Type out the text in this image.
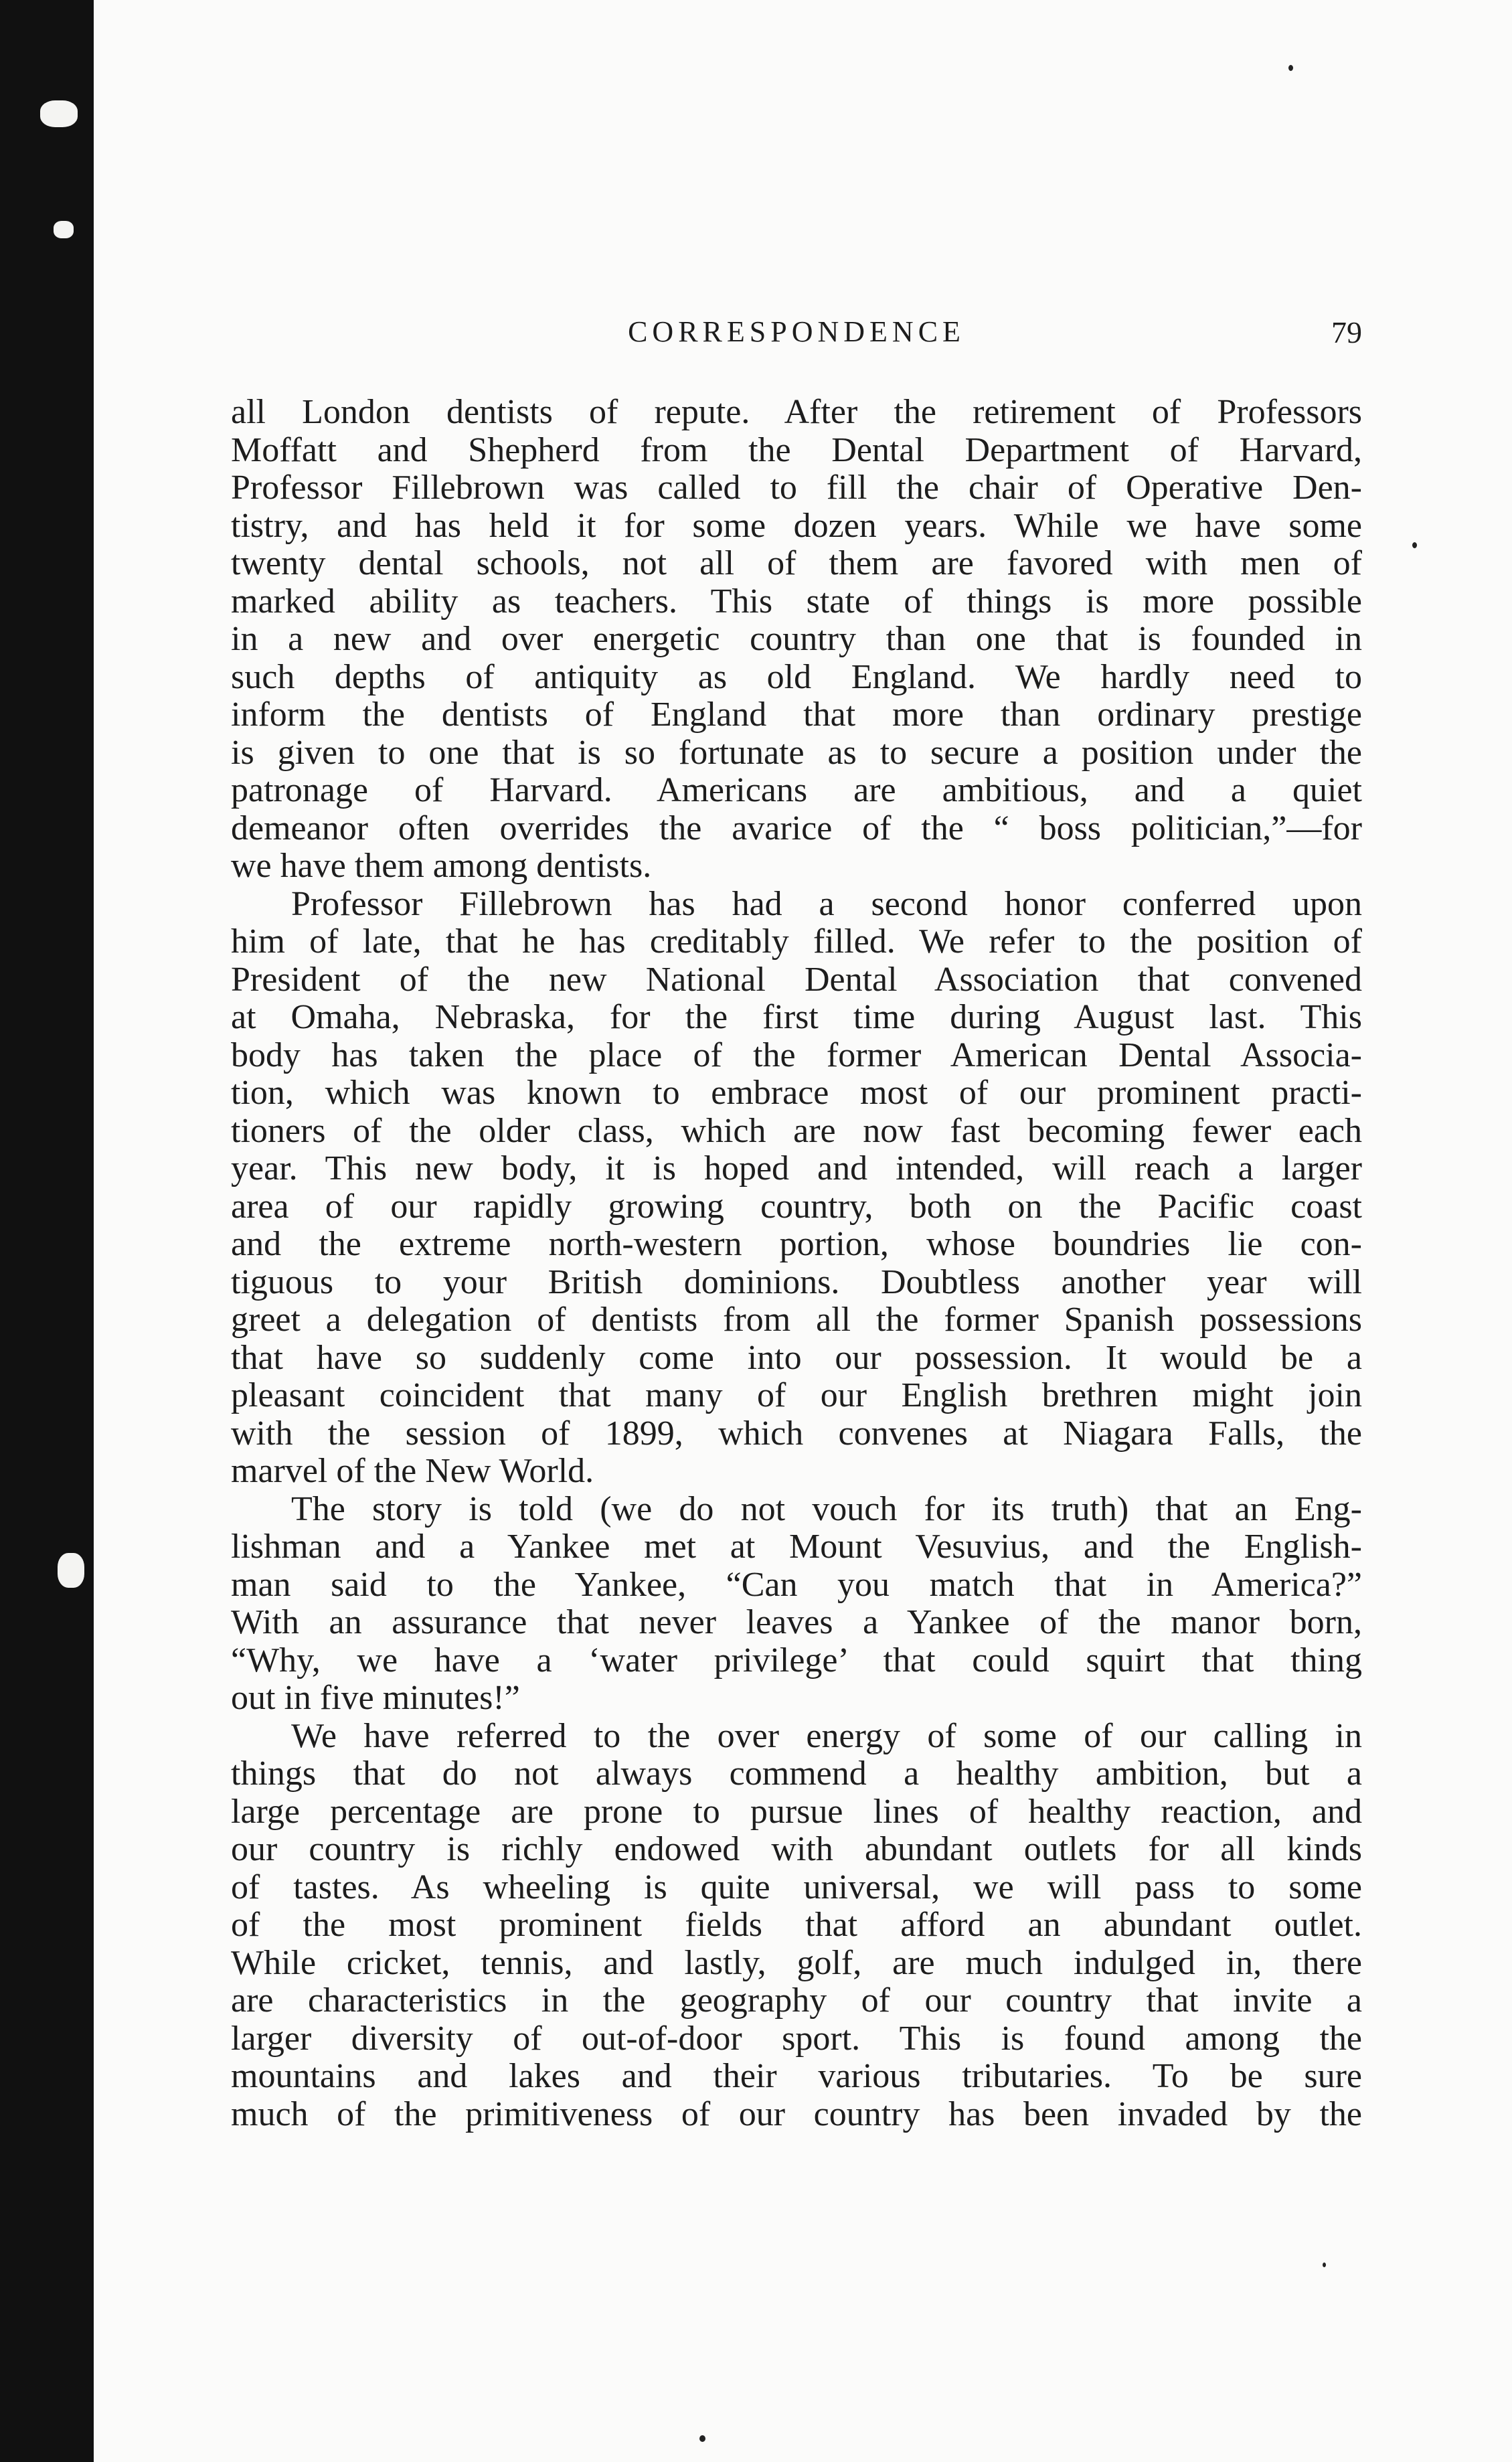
CORRESPONDENCE	79

all London dentists of repute. After the retirement of Professors
Moffatt and Shepherd from the Dental Department of Harvard,
Professor Fillebrown was called to fill the chair of Operative Den-
tistry, and has held it for some dozen years. While we have some
twenty dental schools, not all of them are favored with men of
marked ability as teachers. This state of things is more possible
in a new and over energetic country than one that is founded in
such depths of antiquity as old England. We hardly need to
inform the dentists of England that more than ordinary prestige
is given to one that is so fortunate as to secure a position under the
patronage of Harvard. Americans are ambitious, and a quiet
demeanor often overrides the avarice of the “ boss politician,”—for
we have them among dentists.

Professor Fillebrown has had a second honor conferred upon
him of late, that he has creditably filled. We refer to the position of
President of the new National Dental Association that convened
at Omaha, Nebraska, for the first time during August last. This
body has taken the place of the former American Dental Associa-
tion, which was known to embrace most of our prominent practi-
tioners of the older class, which are now fast becoming fewer each
year. This new body, it is hoped and intended, will reach a larger
area of our rapidly growing country, both on the Pacific coast
and the extreme north-western portion, whose boundries lie con-
tiguous to your British dominions. Doubtless another year will
greet a delegation of dentists from all the former Spanish possessions
that have so suddenly come into our possession. It would be a
pleasant coincident that many of our English brethren might join
with the session of 1899, which convenes at Niagara Falls, the
marvel of the New World.

The story is told (we do not vouch for its truth) that an Eng-
lishman and a Yankee met at Mount Vesuvius, and the English-
man said to the Yankee, “Can you match that in America?”
With an assurance that never leaves a Yankee of the manor born,
“Why, we have a ‘water privilege’ that could squirt that thing
out in five minutes!”

We have referred to the over energy of some of our calling in
things that do not always commend a healthy ambition, but a
large percentage are prone to pursue lines of healthy reaction, and
our country is richly endowed with abundant outlets for all kinds
of tastes. As wheeling is quite universal, we will pass to some
of the most prominent fields that afford an abundant outlet.
While cricket, tennis, and lastly, golf, are much indulged in, there
are characteristics in the geography of our country that invite a
larger diversity of out-of-door sport. This is found among the
mountains and lakes and their various tributaries. To be sure
much of the primitiveness of our country has been invaded by the
